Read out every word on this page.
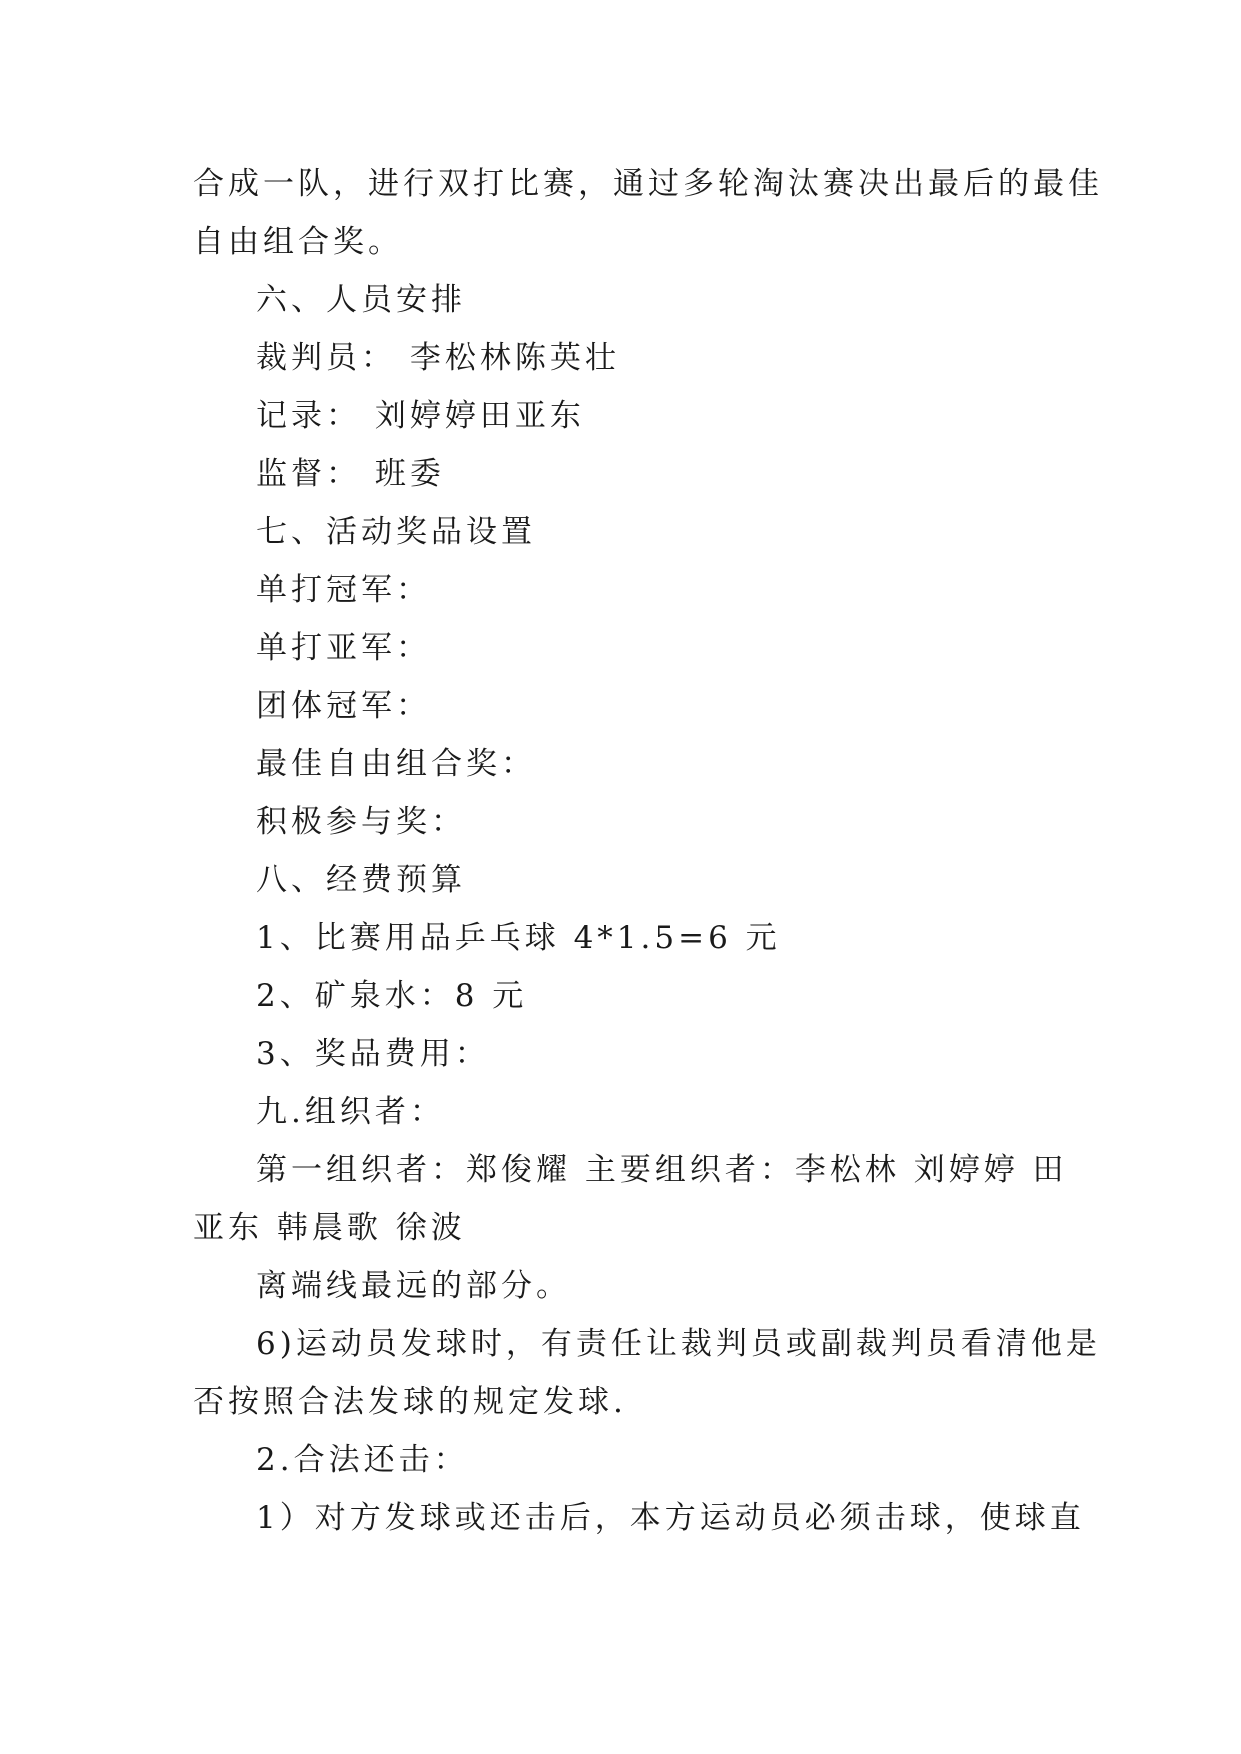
合成一队，进行双打比赛，通过多轮淘汰赛决出最后的最佳
自由组合奖。
六、人员安排
裁判员： 李松林陈英壮
记录： 刘婷婷田亚东
监督： 班委
七、活动奖品设置
单打冠军：
单打亚军：
团体冠军：
最佳自由组合奖：
积极参与奖：
八、经费预算
1、比赛用品乒乓球 4*1.5=6 元
2、矿泉水：8 元
3、奖品费用：
九.组织者：
第一组织者：郑俊耀 主要组织者：李松林 刘婷婷 田
亚东 韩晨歌 徐波
离端线最远的部分。
6)运动员发球时，有责任让裁判员或副裁判员看清他是
否按照合法发球的规定发球.
2.合法还击：
1）对方发球或还击后，本方运动员必须击球，使球直
